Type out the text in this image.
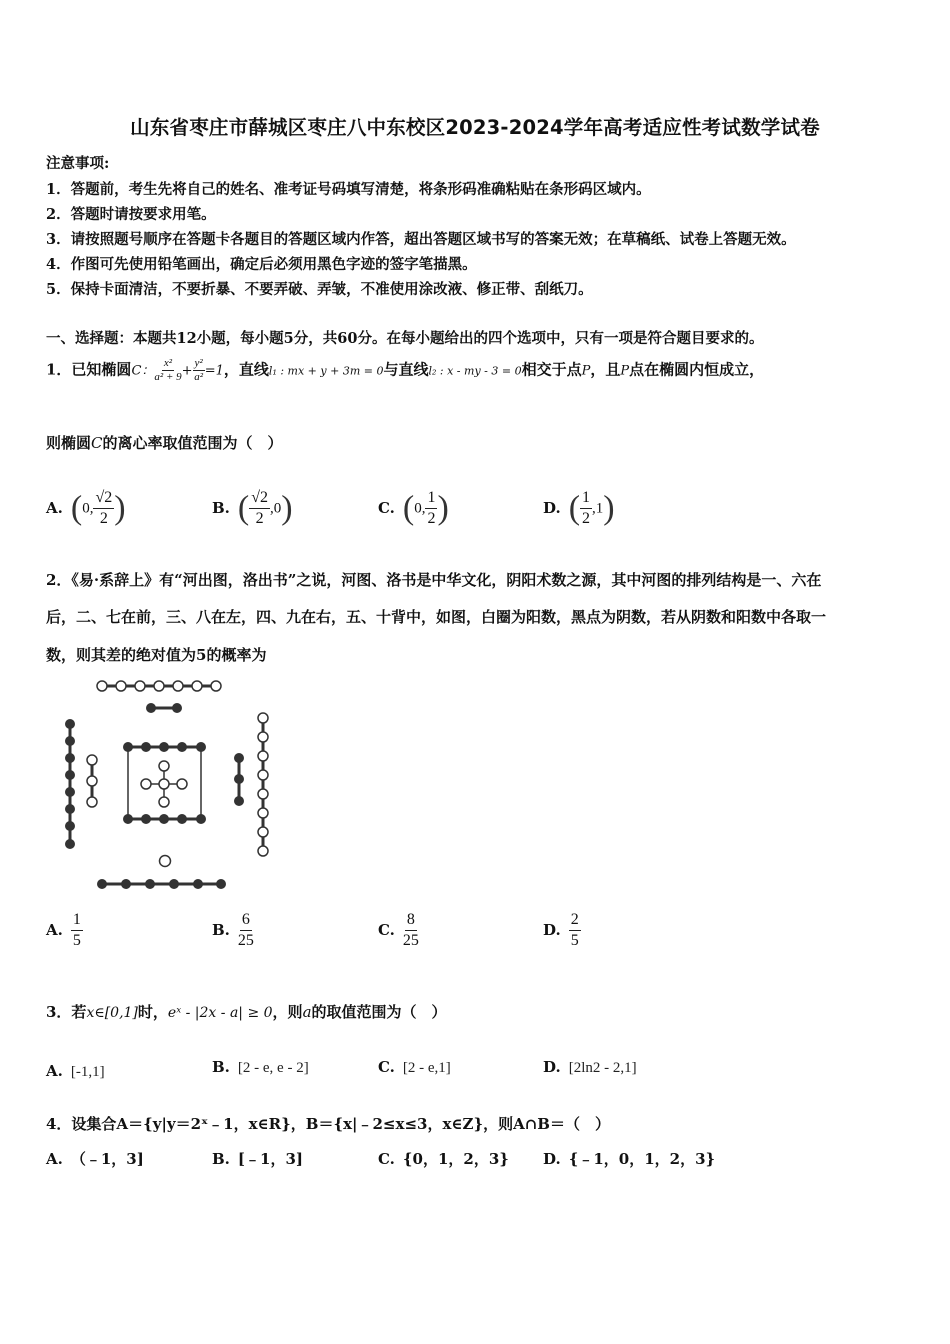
山东省枣庄市薛城区枣庄八中东校区2023-2024学年高考适应性考试数学试卷
注意事项:
1．答题前，考生先将自己的姓名、准考证号码填写清楚，将条形码准确粘贴在条形码区域内。
2．答题时请按要求用笔。
3．请按照题号顺序在答题卡各题目的答题区域内作答，超出答题区域书写的答案无效；在草稿纸、试卷上答题无效。
4．作图可先使用铅笔画出，确定后必须用黑色字迹的签字笔描黑。
5．保持卡面清洁，不要折暴、不要弄破、弄皱，不准使用涂改液、修正带、刮纸刀。
一、选择题：本题共12小题，每小题5分，共60分。在每小题给出的四个选项中，只有一项是符合题目要求的。
1．已知椭圆C： $\frac{\text{x²}}{\text{a² + 9}} + \frac{\text{y²}}{\text{a²}} =1$，直线l₁ : mx + y + 3m = 0与直线l₂ : x - my - 3 = 0相交于点P，且P点在椭圆内恒成立，
则椭圆C的离心率取值范围为（　）
A. (0, $\frac{√2}{2}$ )	B. ( $\frac{√2}{2} ,0$)	C. (0, $\frac{1}{2}$ )	D. ( $\frac{1}{2} ,1$)
2．《易·系辞上》有“河出图，洛出书”之说，河图、洛书是中华文化，阴阳术数之源，其中河图的排列结构是一、六在
后，二、七在前，三、八在左，四、九在右，五、十背中，如图，白圈为阳数，黑点为阴数，若从阴数和阳数中各取一
数，则其差的绝对值为5的概率为
A. $\frac{1}{5}$	B. $\frac{6}{25}$	C. $\frac{8}{25}$	D. $\frac{2}{5}$
3．若x∈[0,1]时，eˣ - |2x - a| ≥ 0，则a的取值范围为（　）
A. [-1,1]	B. [2 - e, e - 2]	C. [2 - e,1]	D. [2ln2 - 2,1]
4．设集合A＝{y|y＝2ˣ﹣1，x∈R}，B＝{x|﹣2≤x≤3，x∈Z}，则A∩B＝（　）
A. （﹣1，3]	B. [﹣1，3]	C. {0，1，2，3} D. {﹣1，0，1，2，3}
